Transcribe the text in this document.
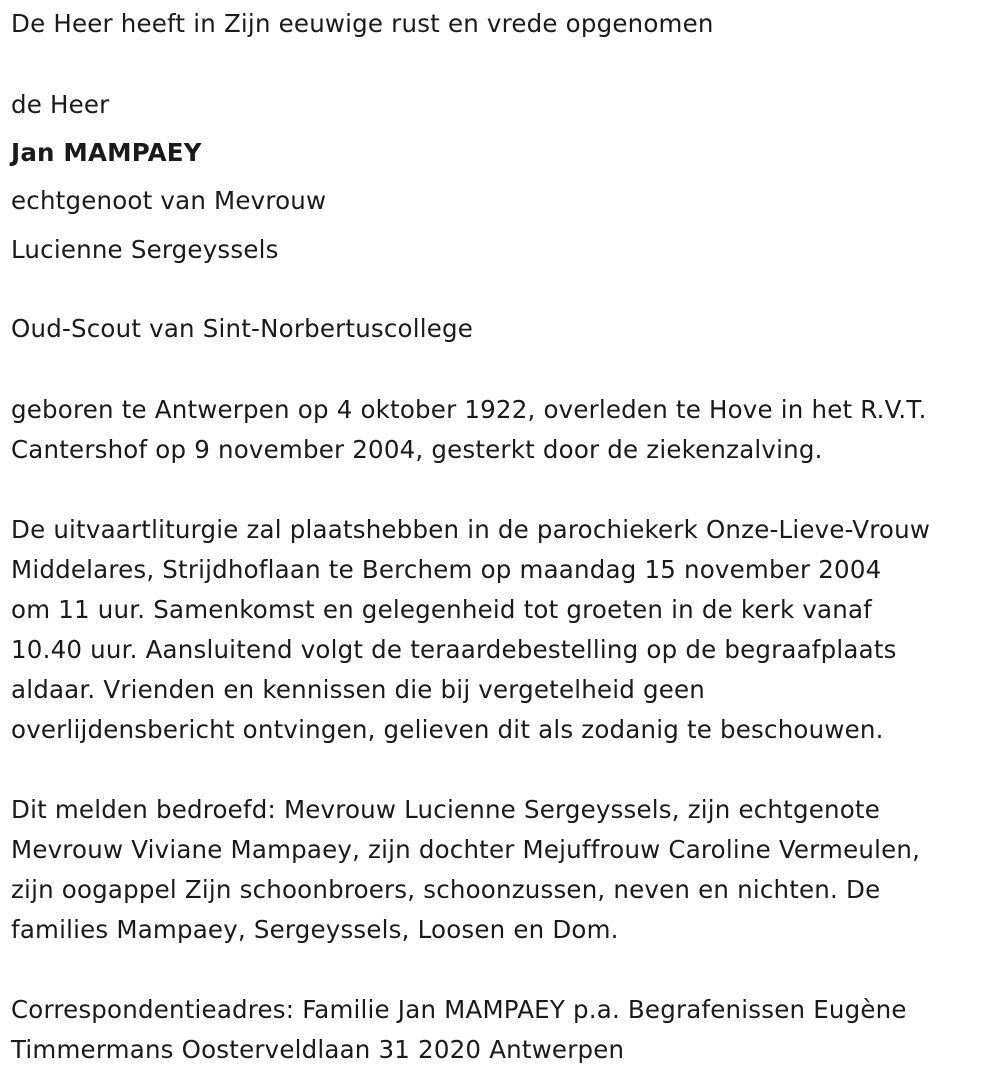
De Heer heeft in Zijn eeuwige rust en vrede opgenomen
de Heer
Jan MAMPAEY
echtgenoot van Mevrouw
Lucienne Sergeyssels
Oud-Scout van Sint-Norbertuscollege
geboren te Antwerpen op 4 oktober 1922, overleden te Hove in het R.V.T.
Cantershof op 9 november 2004, gesterkt door de ziekenzalving.
De uitvaartliturgie zal plaatshebben in de parochiekerk Onze-Lieve-Vrouw
Middelares, Strijdhoflaan te Berchem op maandag 15 november 2004
om 11 uur. Samenkomst en gelegenheid tot groeten in de kerk vanaf
10.40 uur. Aansluitend volgt de teraardebestelling op de begraafplaats
aldaar. Vrienden en kennissen die bij vergetelheid geen
overlijdensbericht ontvingen, gelieven dit als zodanig te beschouwen.
Dit melden bedroefd: Mevrouw Lucienne Sergeyssels, zijn echtgenote
Mevrouw Viviane Mampaey, zijn dochter Mejuffrouw Caroline Vermeulen,
zijn oogappel Zijn schoonbroers, schoonzussen, neven en nichten. De
families Mampaey, Sergeyssels, Loosen en Dom.
Correspondentieadres: Familie Jan MAMPAEY p.a. Begrafenissen Eugène
Timmermans Oosterveldlaan 31 2020 Antwerpen
